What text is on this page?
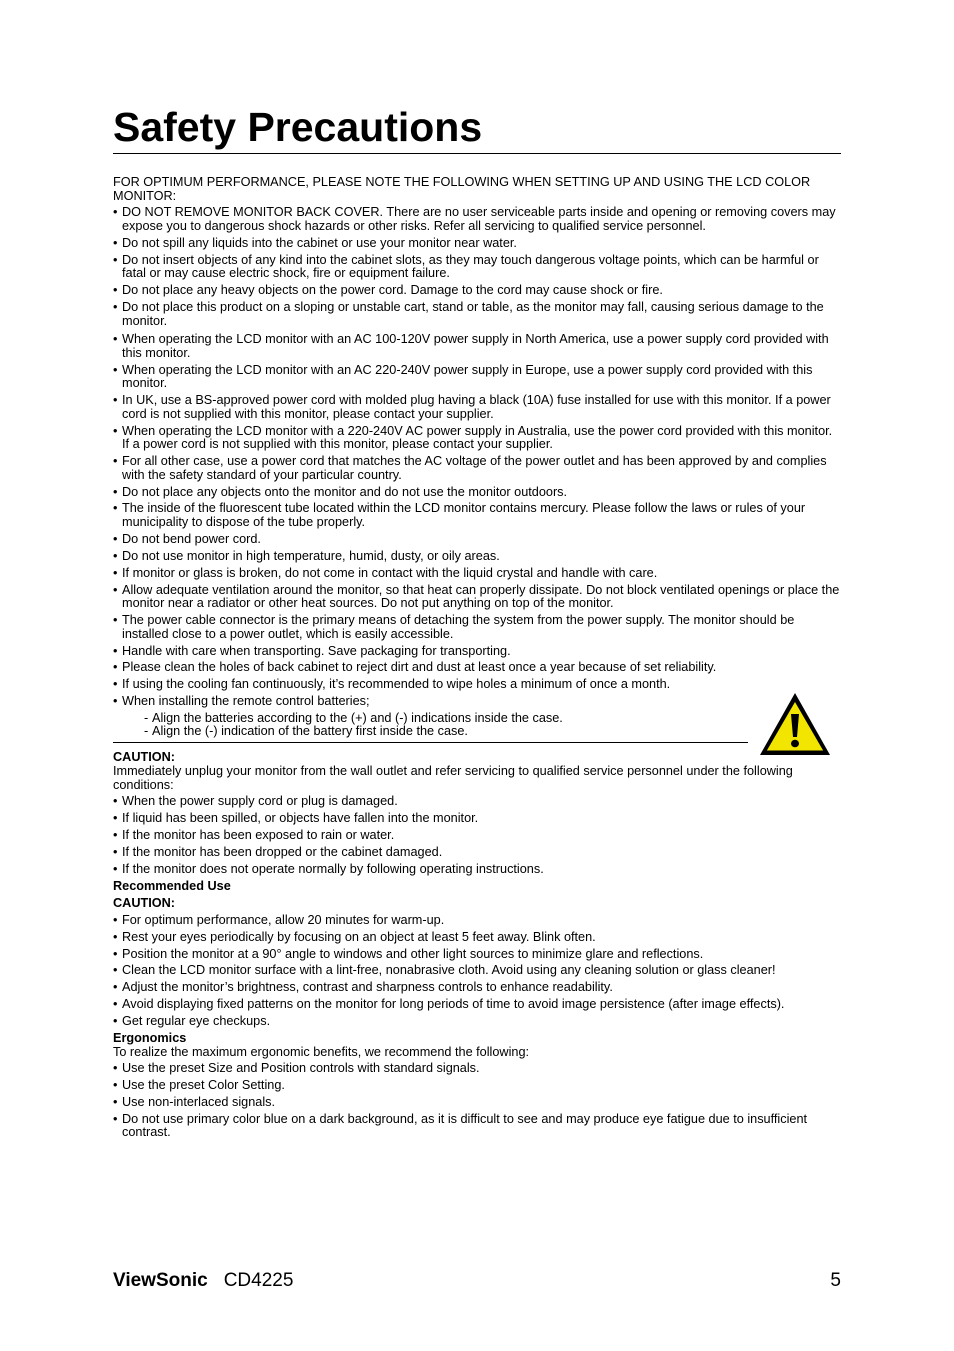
Safety Precautions

FOR OPTIMUM PERFORMANCE, PLEASE NOTE THE FOLLOWING WHEN SETTING UP AND USING THE LCD COLOR MONITOR:

• DO NOT REMOVE MONITOR BACK COVER. There are no user serviceable parts inside and opening or removing covers may expose you to dangerous shock hazards or other risks. Refer all servicing to qualified service personnel.
• Do not spill any liquids into the cabinet or use your monitor near water.
• Do not insert objects of any kind into the cabinet slots, as they may touch dangerous voltage points, which can be harmful or fatal or may cause electric shock, fire or equipment failure.
• Do not place any heavy objects on the power cord. Damage to the cord may cause shock or fire.
• Do not place this product on a sloping or unstable cart, stand or table, as the monitor may fall, causing serious damage to the monitor.
• When operating the LCD monitor with an AC 100-120V power supply in North America, use a power supply cord provided with this monitor.
• When operating the LCD monitor with an AC 220-240V power supply in Europe, use a power supply cord provided with this monitor.
• In UK, use a BS-approved power cord with molded plug having a black (10A) fuse installed for use with this monitor. If a power cord is not supplied with this monitor, please contact your supplier.
• When operating the LCD monitor with a 220-240V AC power supply in Australia, use the power cord provided with this monitor. If a power cord is not supplied with this monitor, please contact your supplier.
• For all other case, use a power cord that matches the AC voltage of the power outlet and has been approved by and complies with the safety standard of your particular country.
• Do not place any objects onto the monitor and do not use the monitor outdoors.
• The inside of the fluorescent tube located within the LCD monitor contains mercury. Please follow the laws or rules of your municipality to dispose of the tube properly.
• Do not bend power cord.
• Do not use monitor in high temperature, humid, dusty, or oily areas.
• If monitor or glass is broken, do not come in contact with the liquid crystal and handle with care.
• Allow adequate ventilation around the monitor, so that heat can properly dissipate. Do not block ventilated openings or place the monitor near a radiator or other heat sources. Do not put anything on top of the monitor.
• The power cable connector is the primary means of detaching the system from the power supply. The monitor should be installed close to a power outlet, which is easily accessible.
• Handle with care when transporting. Save packaging for transporting.
• Please clean the holes of back cabinet to reject dirt and dust at least once a year because of set reliability.
• If using the cooling fan continuously, it’s recommended to wipe holes a minimum of once a month.
• When installing the remote control batteries;
- Align the batteries according to the (+) and (-) indications inside the case.
- Align the (-) indication of the battery first inside the case.

CAUTION:

Immediately unplug your monitor from the wall outlet and refer servicing to qualified service personnel under the following conditions:

• When the power supply cord or plug is damaged.
• If liquid has been spilled, or objects have fallen into the monitor.
• If the monitor has been exposed to rain or water.
• If the monitor has been dropped or the cabinet damaged.
• If the monitor does not operate normally by following operating instructions.

Recommended Use

CAUTION:

• For optimum performance, allow 20 minutes for warm-up.
• Rest your eyes periodically by focusing on an object at least 5 feet away. Blink often.
• Position the monitor at a 90° angle to windows and other light sources to minimize glare and reflections.
• Clean the LCD monitor surface with a lint-free, nonabrasive cloth. Avoid using any cleaning solution or glass cleaner!
• Adjust the monitor’s brightness, contrast and sharpness controls to enhance readability.
• Avoid displaying fixed patterns on the monitor for long periods of time to avoid image persistence (after image effects).
• Get regular eye checkups.

Ergonomics

To realize the maximum ergonomic benefits, we recommend the following:

• Use the preset Size and Position controls with standard signals.
• Use the preset Color Setting.
• Use non-interlaced signals.
• Do not use primary color blue on a dark background, as it is difficult to see and may produce eye fatigue due to insufficient contrast.
ViewSonic CD4225	5
